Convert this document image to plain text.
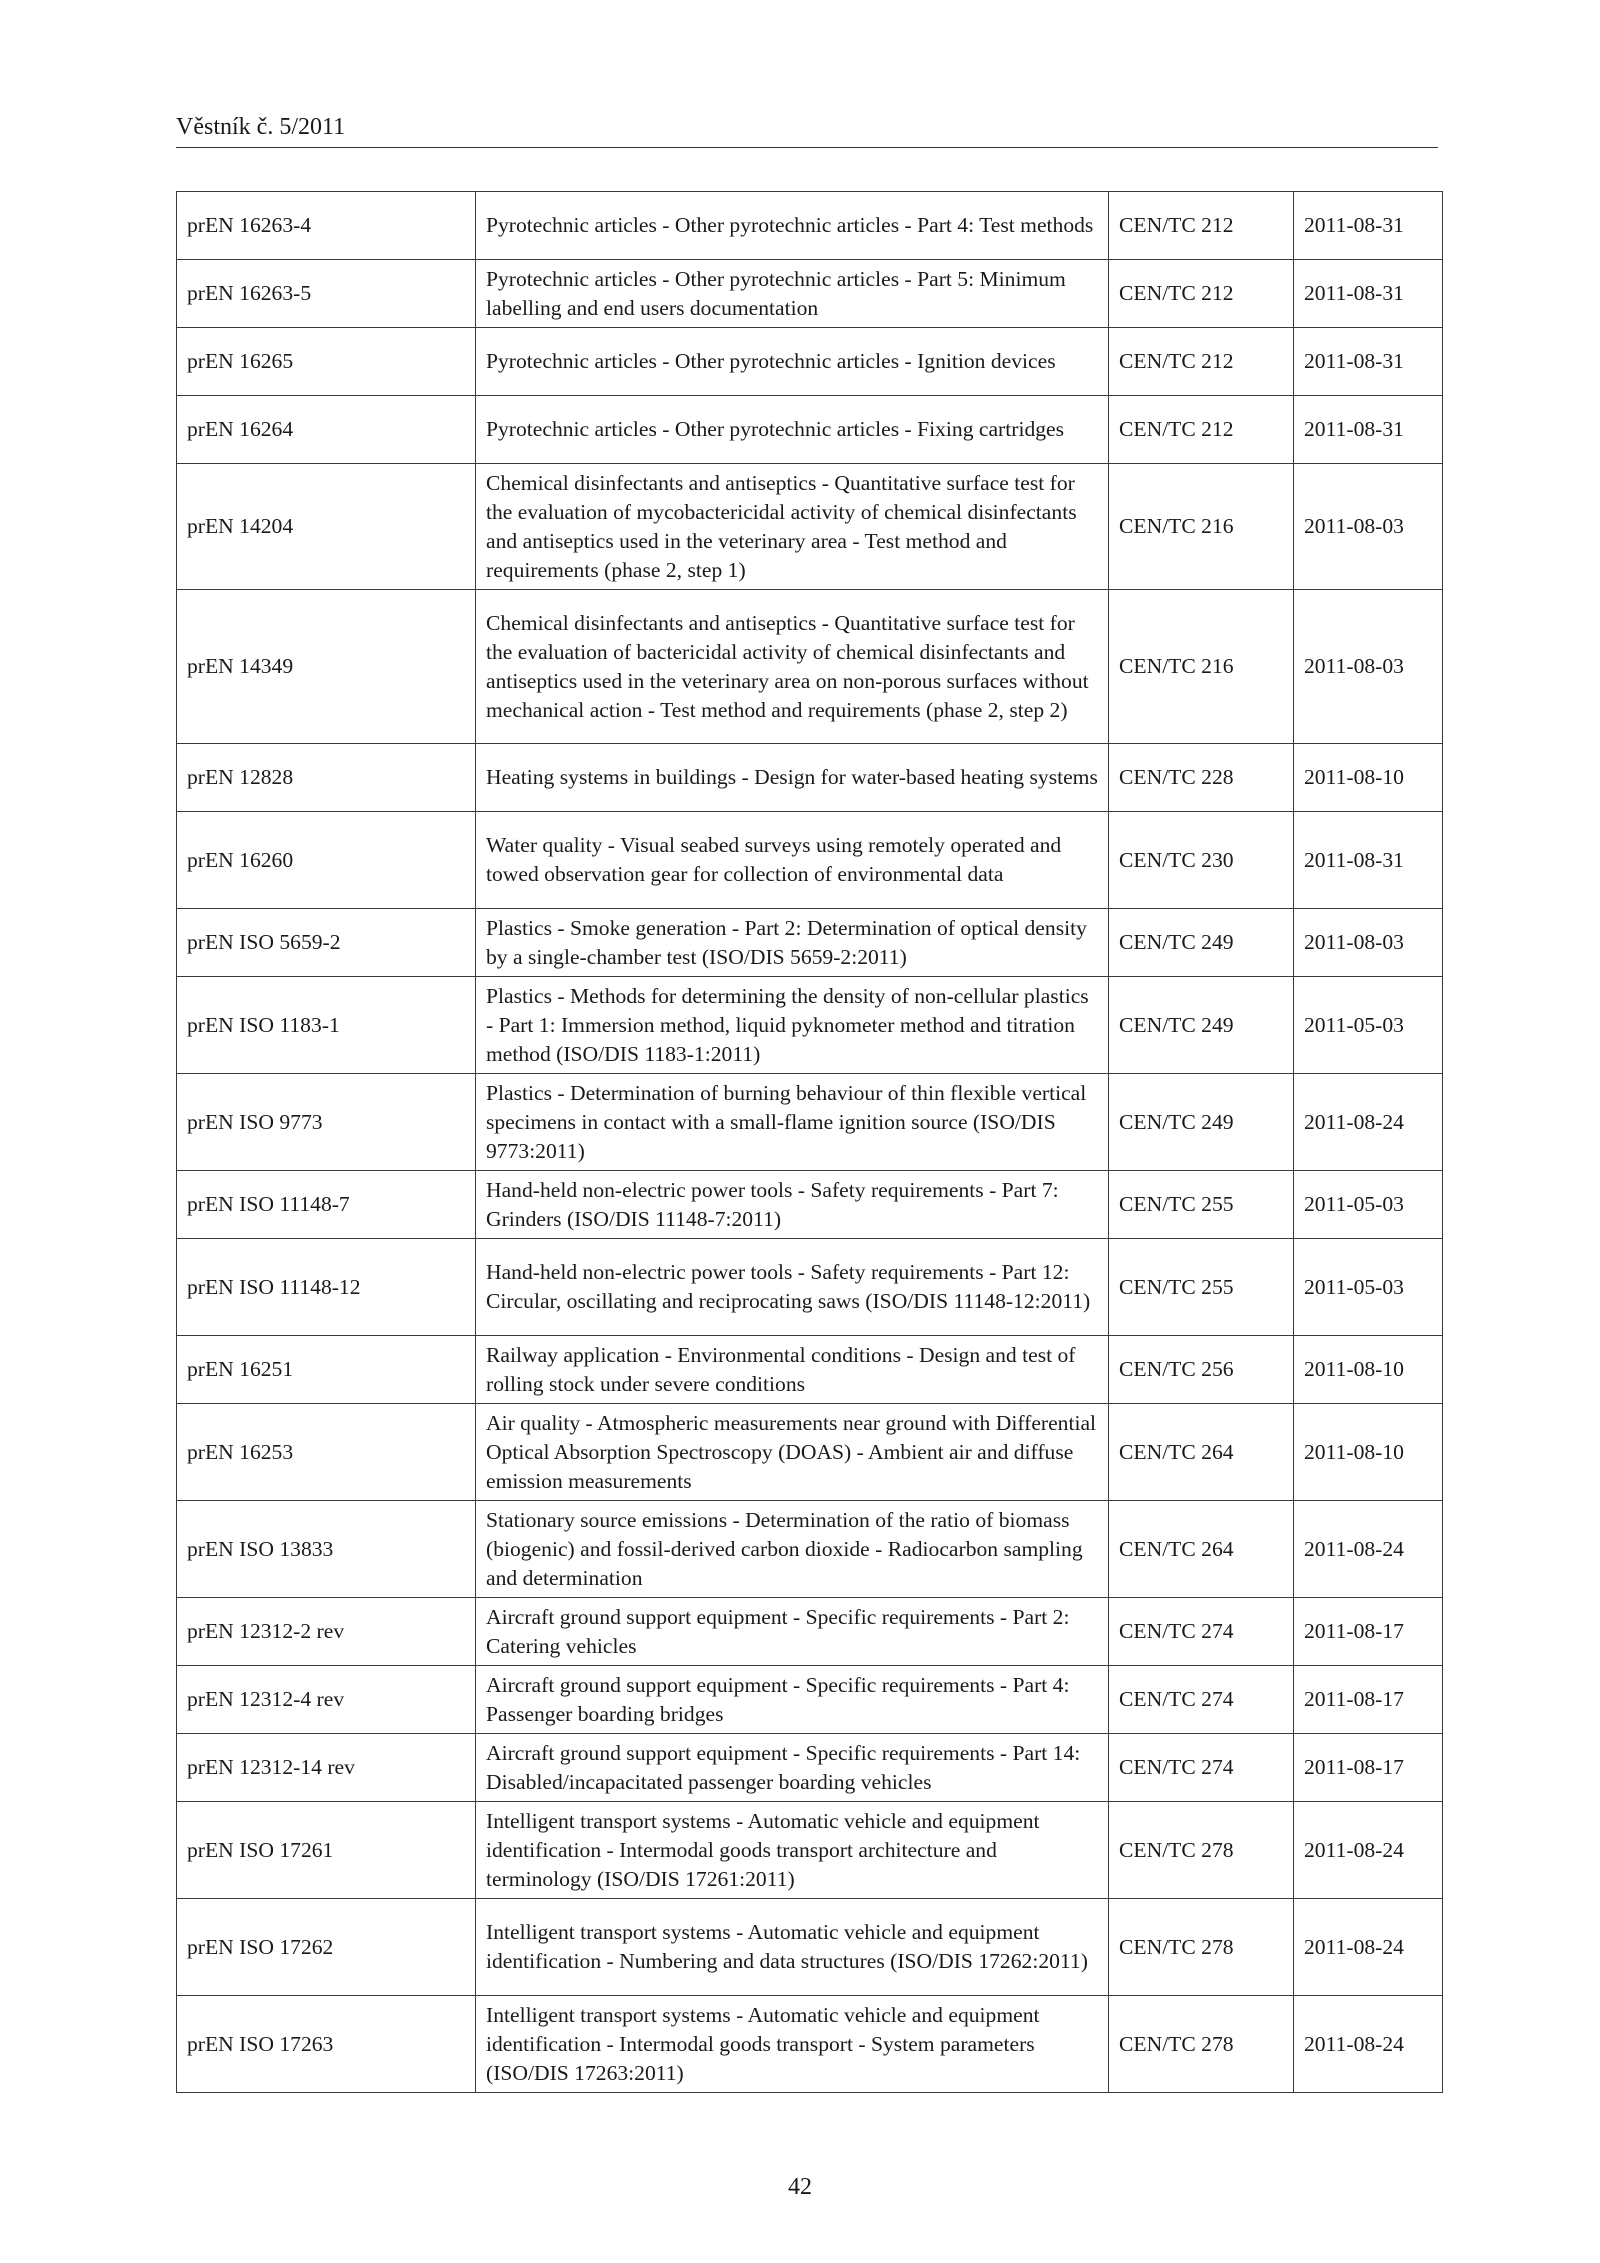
Věstník č. 5/2011
prEN 16263-4	Pyrotechnic articles - Other pyrotechnic articles - Part 4: Test methods	CEN/TC 212	2011-08-31
prEN 16263-5	Pyrotechnic articles - Other pyrotechnic articles - Part 5: Minimum labelling and end users documentation	CEN/TC 212	2011-08-31
prEN 16265	Pyrotechnic articles - Other pyrotechnic articles - Ignition devices	CEN/TC 212	2011-08-31
prEN 16264	Pyrotechnic articles - Other pyrotechnic articles - Fixing cartridges	CEN/TC 212	2011-08-31
prEN 14204	Chemical disinfectants and antiseptics - Quantitative surface test for the evaluation of mycobactericidal activity of chemical disinfectants and antiseptics used in the veterinary area - Test method and requirements (phase 2, step 1)	CEN/TC 216	2011-08-03
prEN 14349	Chemical disinfectants and antiseptics - Quantitative surface test for the evaluation of bactericidal activity of chemical disinfectants and antiseptics used in the veterinary area on non-porous surfaces without mechanical action - Test method and requirements (phase 2, step 2)	CEN/TC 216	2011-08-03
prEN 12828	Heating systems in buildings - Design for water-based heating systems	CEN/TC 228	2011-08-10
prEN 16260	Water quality - Visual seabed surveys using remotely operated and towed observation gear for collection of environmental data	CEN/TC 230	2011-08-31
prEN ISO 5659-2	Plastics - Smoke generation - Part 2: Determination of optical density by a single-chamber test (ISO/DIS 5659-2:2011)	CEN/TC 249	2011-08-03
prEN ISO 1183-1	Plastics - Methods for determining the density of non-cellular plastics - Part 1: Immersion method, liquid pyknometer method and titration method (ISO/DIS 1183-1:2011)	CEN/TC 249	2011-05-03
prEN ISO 9773	Plastics - Determination of burning behaviour of thin flexible vertical specimens in contact with a small-flame ignition source (ISO/DIS 9773:2011)	CEN/TC 249	2011-08-24
prEN ISO 11148-7	Hand-held non-electric power tools - Safety requirements - Part 7: Grinders (ISO/DIS 11148-7:2011)	CEN/TC 255	2011-05-03
prEN ISO 11148-12	Hand-held non-electric power tools - Safety requirements - Part 12: Circular, oscillating and reciprocating saws (ISO/DIS 11148-12:2011)	CEN/TC 255	2011-05-03
prEN 16251	Railway application - Environmental conditions - Design and test of rolling stock under severe conditions	CEN/TC 256	2011-08-10
prEN 16253	Air quality - Atmospheric measurements near ground with Differential Optical Absorption Spectroscopy (DOAS) - Ambient air and diffuse emission measurements	CEN/TC 264	2011-08-10
prEN ISO 13833	Stationary source emissions - Determination of the ratio of biomass (biogenic) and fossil-derived carbon dioxide - Radiocarbon sampling and determination	CEN/TC 264	2011-08-24
prEN 12312-2 rev	Aircraft ground support equipment - Specific requirements - Part 2: Catering vehicles	CEN/TC 274	2011-08-17
prEN 12312-4 rev	Aircraft ground support equipment - Specific requirements - Part 4: Passenger boarding bridges	CEN/TC 274	2011-08-17
prEN 12312-14 rev	Aircraft ground support equipment - Specific requirements - Part 14: Disabled/incapacitated passenger boarding vehicles	CEN/TC 274	2011-08-17
prEN ISO 17261	Intelligent transport systems - Automatic vehicle and equipment identification - Intermodal goods transport architecture and terminology (ISO/DIS 17261:2011)	CEN/TC 278	2011-08-24
prEN ISO 17262	Intelligent transport systems - Automatic vehicle and equipment identification - Numbering and data structures (ISO/DIS 17262:2011)	CEN/TC 278	2011-08-24
prEN ISO 17263	Intelligent transport systems - Automatic vehicle and equipment identification - Intermodal goods transport - System parameters (ISO/DIS 17263:2011)	CEN/TC 278	2011-08-24
42
